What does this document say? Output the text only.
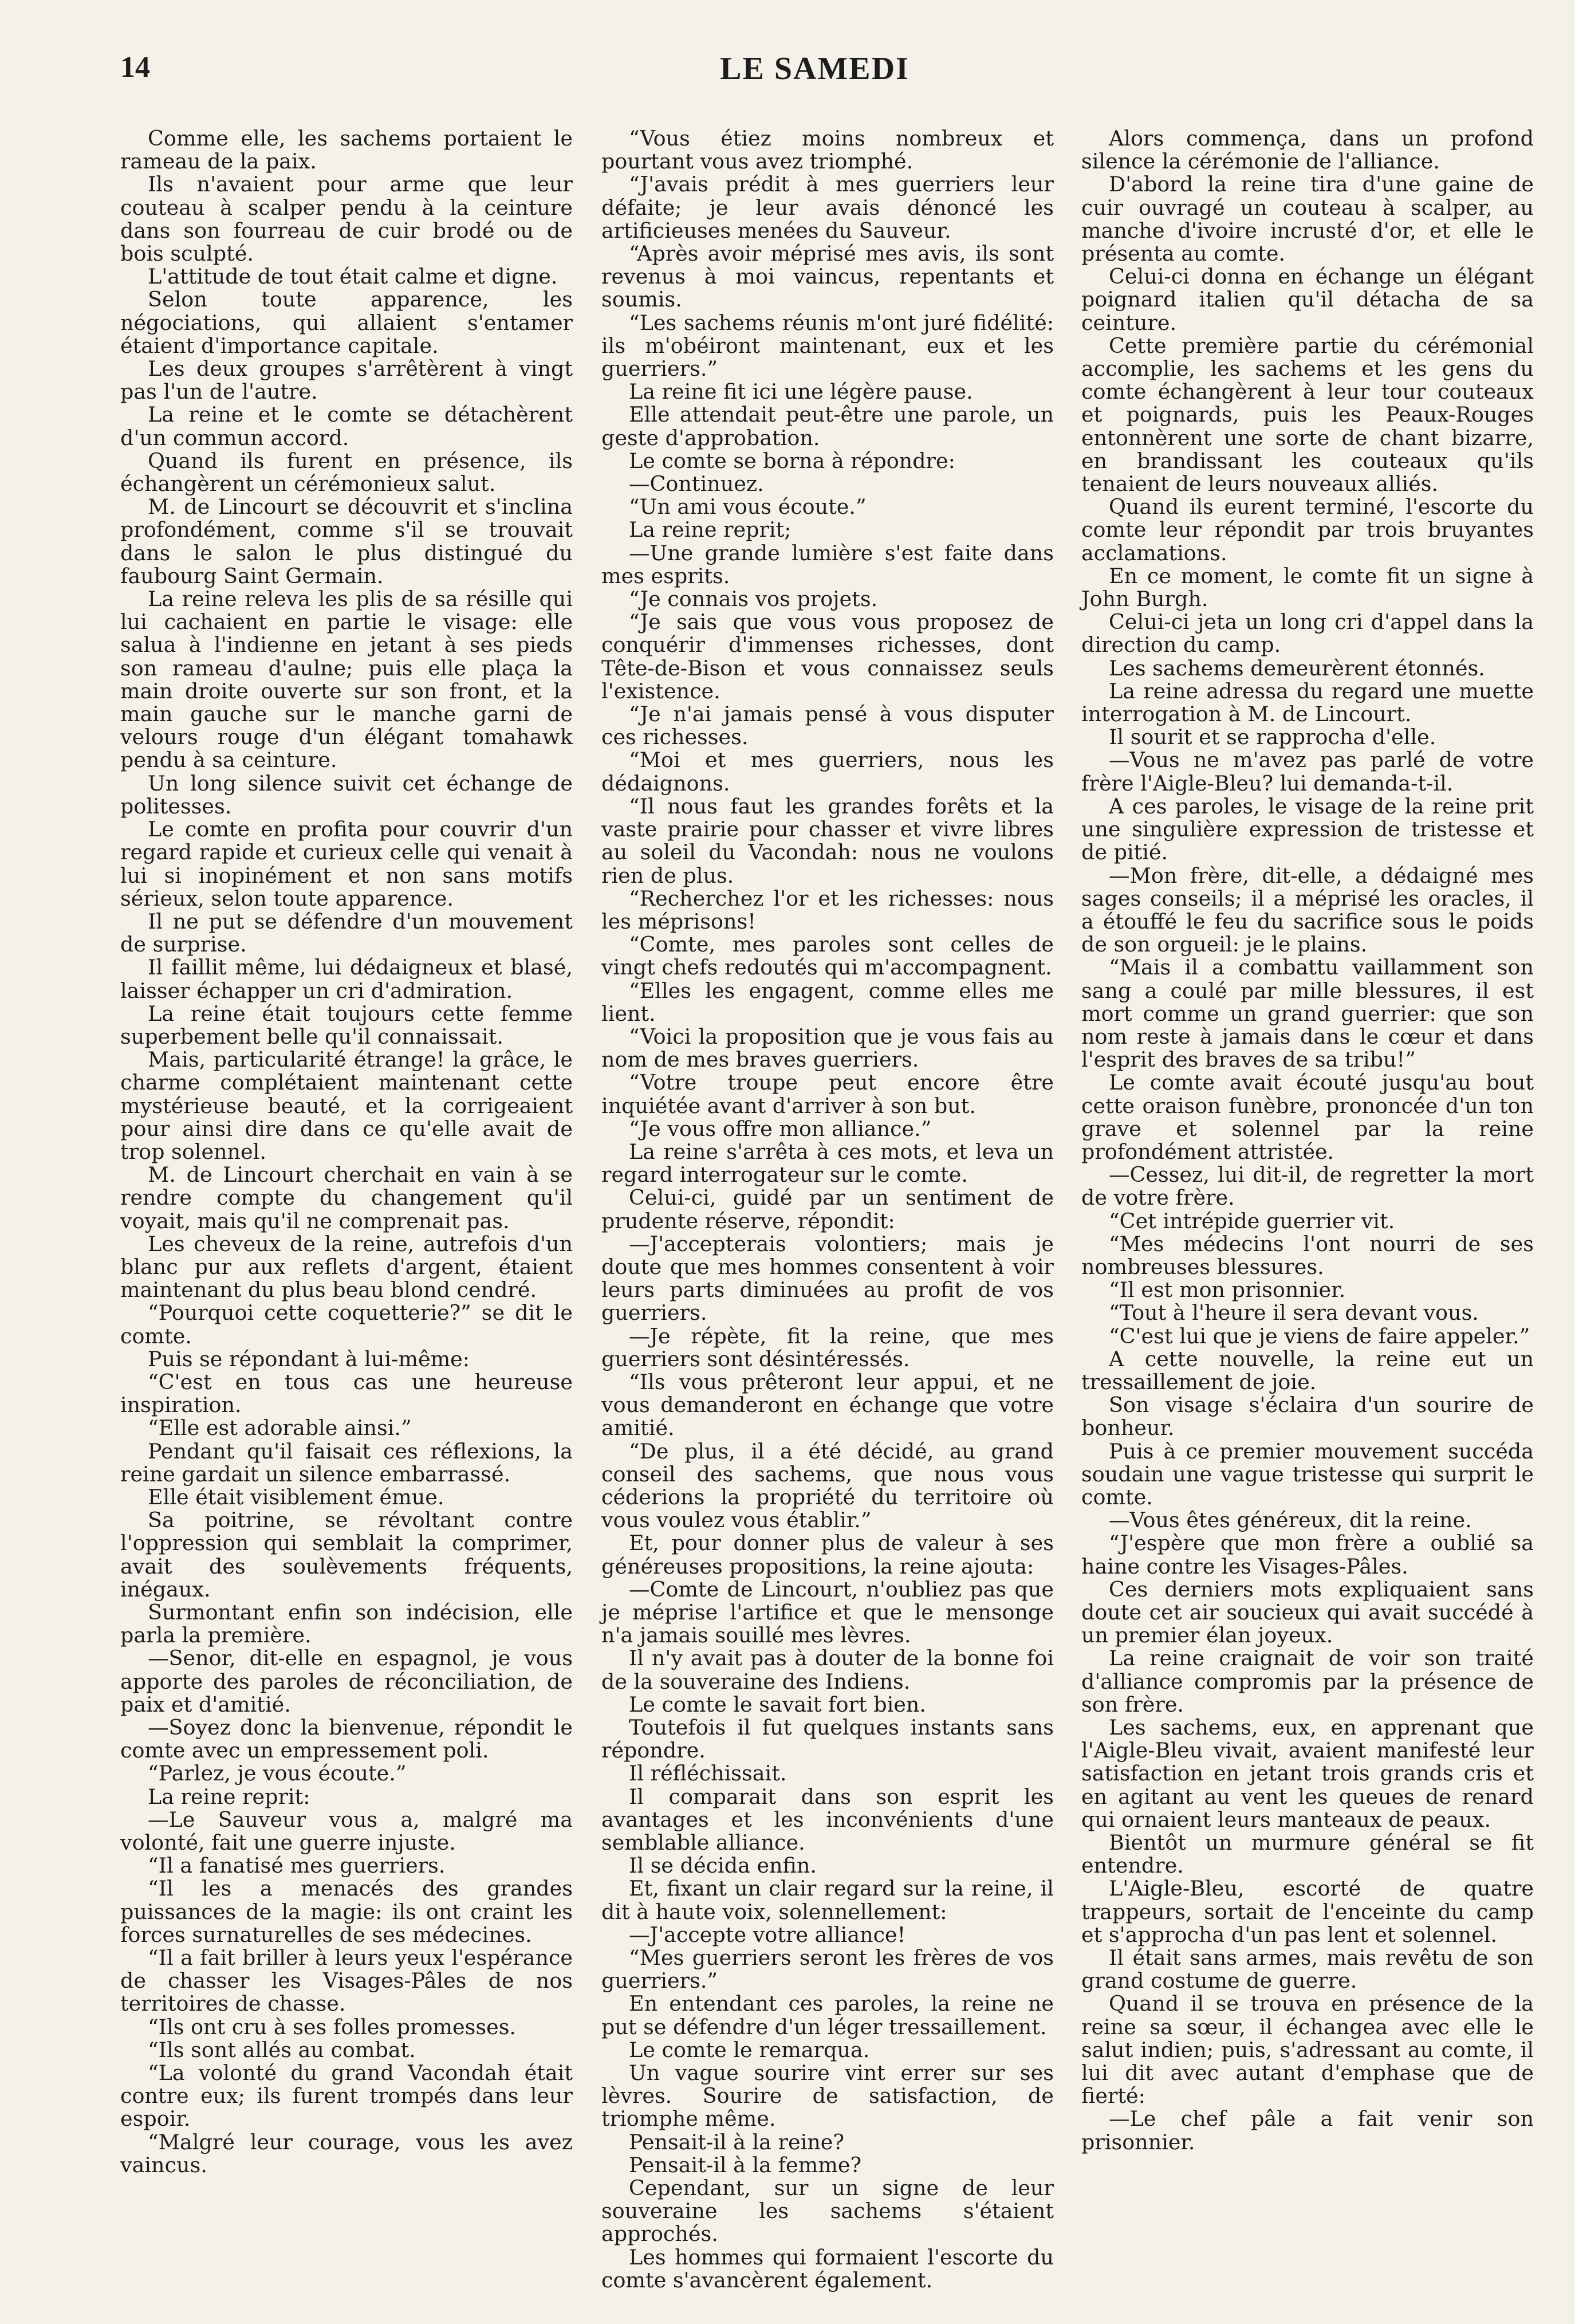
14	LE SAMEDI

Comme elle, les sachems portaient le rameau de la paix.

Ils n'avaient pour arme que leur couteau à scalper pendu à la ceinture dans son fourreau de cuir brodé ou de bois sculpté.

L'attitude de tout était calme et digne.

Selon toute apparence, les négociations, qui allaient s'entamer étaient d'importance capitale.

Les deux groupes s'arrêtèrent à vingt pas l'un de l'autre.

La reine et le comte se détachèrent d'un commun accord.

Quand ils furent en présence, ils échangèrent un cérémonieux salut.

M. de Lincourt se découvrit et s'inclina profondément, comme s'il se trouvait dans le salon le plus distingué du faubourg Saint Germain.

La reine releva les plis de sa résille qui lui cachaient en partie le visage: elle salua à l'indienne en jetant à ses pieds son rameau d'aulne; puis elle plaça la main droite ouverte sur son front, et la main gauche sur le manche garni de velours rouge d'un élégant tomahawk pendu à sa ceinture.

Un long silence suivit cet échange de politesses.

Le comte en profita pour couvrir d'un regard rapide et curieux celle qui venait à lui si inopinément et non sans motifs sérieux, selon toute apparence.

Il ne put se défendre d'un mouvement de surprise.

Il faillit même, lui dédaigneux et blasé, laisser échapper un cri d'admiration.

La reine était toujours cette femme superbement belle qu'il connaissait.

Mais, particularité étrange! la grâce, le charme complétaient maintenant cette mystérieuse beauté, et la corrigeaient pour ainsi dire dans ce qu'elle avait de trop solennel.

M. de Lincourt cherchait en vain à se rendre compte du changement qu'il voyait, mais qu'il ne comprenait pas.

Les cheveux de la reine, autrefois d'un blanc pur aux reflets d'argent, étaient maintenant du plus beau blond cendré.

“Pourquoi cette coquetterie?” se dit le comte.

Puis se répondant à lui-même:

“C'est en tous cas une heureuse inspiration.

“Elle est adorable ainsi.”

Pendant qu'il faisait ces réflexions, la reine gardait un silence embarrassé.

Elle était visiblement émue.

Sa poitrine, se révoltant contre l'oppression qui semblait la comprimer, avait des soulèvements fréquents, inégaux.

Surmontant enfin son indécision, elle parla la première.

—Senor, dit-elle en espagnol, je vous apporte des paroles de réconciliation, de paix et d'amitié.

—Soyez donc la bienvenue, répondit le comte avec un empressement poli.

“Parlez, je vous écoute.”

La reine reprit:

—Le Sauveur vous a, malgré ma volonté, fait une guerre injuste.

“Il a fanatisé mes guerriers.

“Il les a menacés des grandes puissances de la magie: ils ont craint les forces surnaturelles de ses médecines.

“Il a fait briller à leurs yeux l'espérance de chasser les Visages-Pâles de nos territoires de chasse.

“Ils ont cru à ses folles promesses.

“Ils sont allés au combat.

“La volonté du grand Vacondah était contre eux; ils furent trompés dans leur espoir.

“Malgré leur courage, vous les avez vaincus.

“Vous étiez moins nombreux et pourtant vous avez triomphé.

“J'avais prédit à mes guerriers leur défaite; je leur avais dénoncé les artificieuses menées du Sauveur.

“Après avoir méprisé mes avis, ils sont revenus à moi vaincus, repentants et soumis.

“Les sachems réunis m'ont juré fidélité: ils m'obéiront maintenant, eux et les guerriers.”

La reine fit ici une légère pause.

Elle attendait peut-être une parole, un geste d'approbation.

Le comte se borna à répondre:

—Continuez.

“Un ami vous écoute.”

La reine reprit;

—Une grande lumière s'est faite dans mes esprits.

“Je connais vos projets.

“Je sais que vous vous proposez de conquérir d'immenses richesses, dont Tête-de-Bison et vous connaissez seuls l'existence.

“Je n'ai jamais pensé à vous disputer ces richesses.

“Moi et mes guerriers, nous les dédaignons.

“Il nous faut les grandes forêts et la vaste prairie pour chasser et vivre libres au soleil du Vacondah: nous ne voulons rien de plus.

“Recherchez l'or et les richesses: nous les méprisons!

“Comte, mes paroles sont celles de vingt chefs redoutés qui m'accompagnent.

“Elles les engagent, comme elles me lient.

“Voici la proposition que je vous fais au nom de mes braves guerriers.

“Votre troupe peut encore être inquiétée avant d'arriver à son but.

“Je vous offre mon alliance.”

La reine s'arrêta à ces mots, et leva un regard interrogateur sur le comte.

Celui-ci, guidé par un sentiment de prudente réserve, répondit:

—J'accepterais volontiers; mais je doute que mes hommes consentent à voir leurs parts diminuées au profit de vos guerriers.

—Je répète, fit la reine, que mes guerriers sont désintéressés.

“Ils vous prêteront leur appui, et ne vous demanderont en échange que votre amitié.

“De plus, il a été décidé, au grand conseil des sachems, que nous vous céderions la propriété du territoire où vous voulez vous établir.”

Et, pour donner plus de valeur à ses généreuses propositions, la reine ajouta:

—Comte de Lincourt, n'oubliez pas que je méprise l'artifice et que le mensonge n'a jamais souillé mes lèvres.

Il n'y avait pas à douter de la bonne foi de la souveraine des Indiens.

Le comte le savait fort bien.

Toutefois il fut quelques instants sans répondre.

Il réfléchissait.

Il comparait dans son esprit les avantages et les inconvénients d'une semblable alliance.

Il se décida enfin.

Et, fixant un clair regard sur la reine, il dit à haute voix, solennellement:

—J'accepte votre alliance!

“Mes guerriers seront les frères de vos guerriers.”

En entendant ces paroles, la reine ne put se défendre d'un léger tressaillement.

Le comte le remarqua.

Un vague sourire vint errer sur ses lèvres. Sourire de satisfaction, de triomphe même.

Pensait-il à la reine?

Pensait-il à la femme?

Cependant, sur un signe de leur souveraine les sachems s'étaient approchés.

Les hommes qui formaient l'escorte du comte s'avancèrent également.

Alors commença, dans un profond silence la cérémonie de l'alliance.

D'abord la reine tira d'une gaine de cuir ouvragé un couteau à scalper, au manche d'ivoire incrusté d'or, et elle le présenta au comte.

Celui-ci donna en échange un élégant poignard italien qu'il détacha de sa ceinture.

Cette première partie du cérémonial accomplie, les sachems et les gens du comte échangèrent à leur tour couteaux et poignards, puis les Peaux-Rouges entonnèrent une sorte de chant bizarre, en brandissant les couteaux qu'ils tenaient de leurs nouveaux alliés.

Quand ils eurent terminé, l'escorte du comte leur répondit par trois bruyantes acclamations.

En ce moment, le comte fit un signe à John Burgh.

Celui-ci jeta un long cri d'appel dans la direction du camp.

Les sachems demeurèrent étonnés.

La reine adressa du regard une muette interrogation à M. de Lincourt.

Il sourit et se rapprocha d'elle.

—Vous ne m'avez pas parlé de votre frère l'Aigle-Bleu? lui demanda-t-il.

A ces paroles, le visage de la reine prit une singulière expression de tristesse et de pitié.

—Mon frère, dit-elle, a dédaigné mes sages conseils; il a méprisé les oracles, il a étouffé le feu du sacrifice sous le poids de son orgueil: je le plains.

“Mais il a combattu vaillamment son sang a coulé par mille blessures, il est mort comme un grand guerrier: que son nom reste à jamais dans le cœur et dans l'esprit des braves de sa tribu!”

Le comte avait écouté jusqu'au bout cette oraison funèbre, prononcée d'un ton grave et solennel par la reine profondément attristée.

—Cessez, lui dit-il, de regretter la mort de votre frère.

“Cet intrépide guerrier vit.

“Mes médecins l'ont nourri de ses nombreuses blessures.

“Il est mon prisonnier.

“Tout à l'heure il sera devant vous.

“C'est lui que je viens de faire appeler.”

A cette nouvelle, la reine eut un tressaillement de joie.

Son visage s'éclaira d'un sourire de bonheur.

Puis à ce premier mouvement succéda soudain une vague tristesse qui surprit le comte.

—Vous êtes généreux, dit la reine.

“J'espère que mon frère a oublié sa haine contre les Visages-Pâles.

Ces derniers mots expliquaient sans doute cet air soucieux qui avait succédé à un premier élan joyeux.

La reine craignait de voir son traité d'alliance compromis par la présence de son frère.

Les sachems, eux, en apprenant que l'Aigle-Bleu vivait, avaient manifesté leur satisfaction en jetant trois grands cris et en agitant au vent les queues de renard qui ornaient leurs manteaux de peaux.

Bientôt un murmure général se fit entendre.

L'Aigle-Bleu, escorté de quatre trappeurs, sortait de l'enceinte du camp et s'approcha d'un pas lent et solennel.

Il était sans armes, mais revêtu de son grand costume de guerre.

Quand il se trouva en présence de la reine sa sœur, il échangea avec elle le salut indien; puis, s'adressant au comte, il lui dit avec autant d'emphase que de fierté:

—Le chef pâle a fait venir son prisonnier.
